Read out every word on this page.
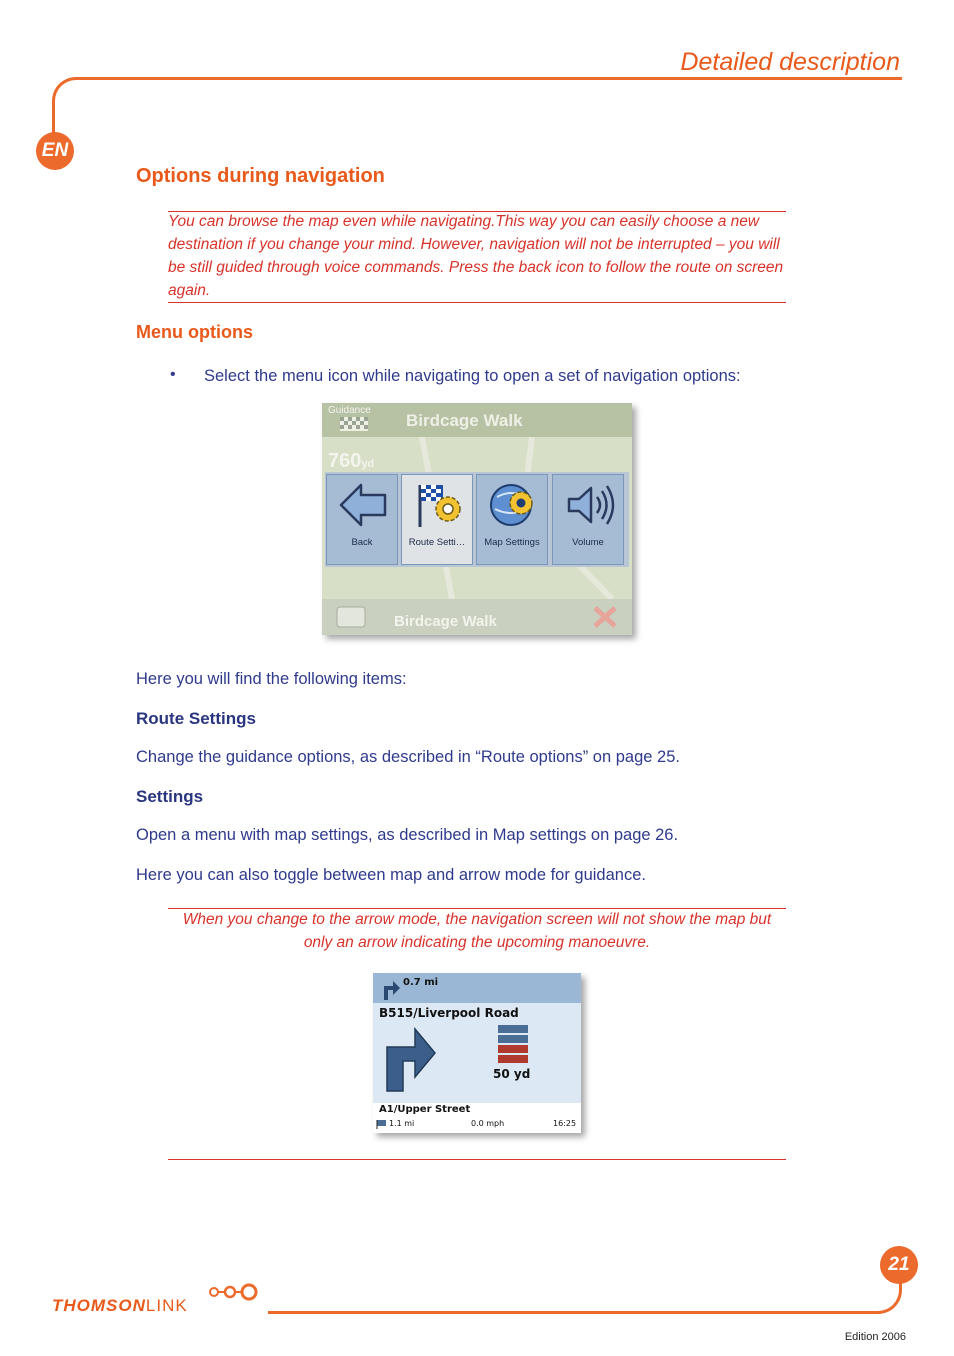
Detailed description
EN
Options during navigation
You can browse the map even while navigating.This way you can easily choose a new destination if you change your mind. However, navigation will not be interrupted – you will be still guided through voice commands. Press the back icon to follow the route on screen again.
Menu options
• Select the menu icon while navigating to open a set of navigation options:
Guidance
Birdcage Walk
760yd
Back	Route Setti…	Map Settings	Volume
Birdcage Walk
Here you will find the following items:
Route Settings
Change the guidance options, as described in “Route options” on page 25.
Settings
Open a menu with map settings, as described in Map settings on page 26.
Here you can also toggle between map and arrow mode for guidance.
When you change to the arrow mode, the navigation screen will not show the map but only an arrow indicating the upcoming manoeuvre.
0.7 mi
B515/Liverpool Road
50 yd
A1/Upper Street
1.1 mi	0.0 mph	16:25
21
THOMSONLINK
Edition 2006
